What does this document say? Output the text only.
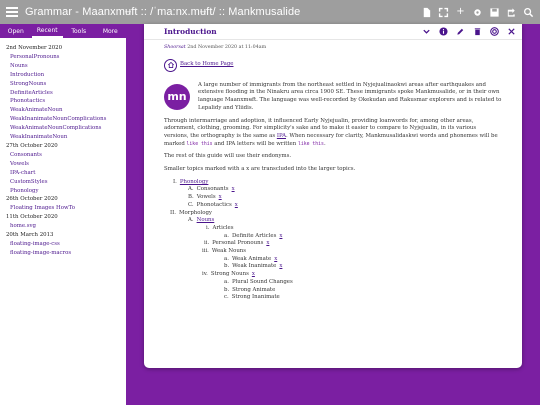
Grammar - Maanxmʉft :: /ˈma:nx.mʉft/ :: Mankmusalide	+
Open	Recent	Tools	More
2nd November 2020
PersonalPronouns
Nouns
Introduction
StrongNouns
DefiniteArticles
Phonotactics
WeakAnimateNoun
WeakInanimateNounComplications
WeakAnimateNounComplications
WeakInanimateNoun
27th October 2020
Consonants
Vowels
IPA-chart
CustomStyles
Phonology
26th October 2020
Floating Images HowTo
11th October 2020
home.svg
20th March 2013
floating-image-css
floating-image-macros
Introduction
Shoorsat 2nd November 2020 at 11:04am
Back to Home Page
mn
A large number of immigrants from the northeast settled in Nyjejualinaokwi areas after earthquakes and extensive flooding in the Ninakru area circa 1900 SE. These immigrants spoke Mankmusalide, or in their own language Maanxmʉft. The language was well-recorded by Okekudan and Rakusmar explorers and is related to Lepalidy and Yliidis.

Through intermarriage and adoption, it influenced Early Nyjejualin, providing loanwords for, among other areas, adornment, clothing, grooming. For simplicity's sake and to make it easier to compare to Nyjejualin, in its various versions, the orthography is the same as IPA. When necessary for clarity, Mankmusalidaskwi words and phonemes will be marked like this and IPA letters will be written like this.

The rest of this guide will use their endonyms.

Smaller topics marked with a x are transcluded into the larger topics.

I. Phonology
A. Consonants x
B. Vowels x
C. Phonotactics x
II. Morphology
A. Nouns
i. Articles
a. Definite Articles x
ii. Personal Pronouns x
iii. Weak Nouns
a. Weak Animate x
b. Weak Inanimate x
iv. Strong Nouns x
a. Plural Sound Changes
b. Strong Animate
c. Strong Inanimate
